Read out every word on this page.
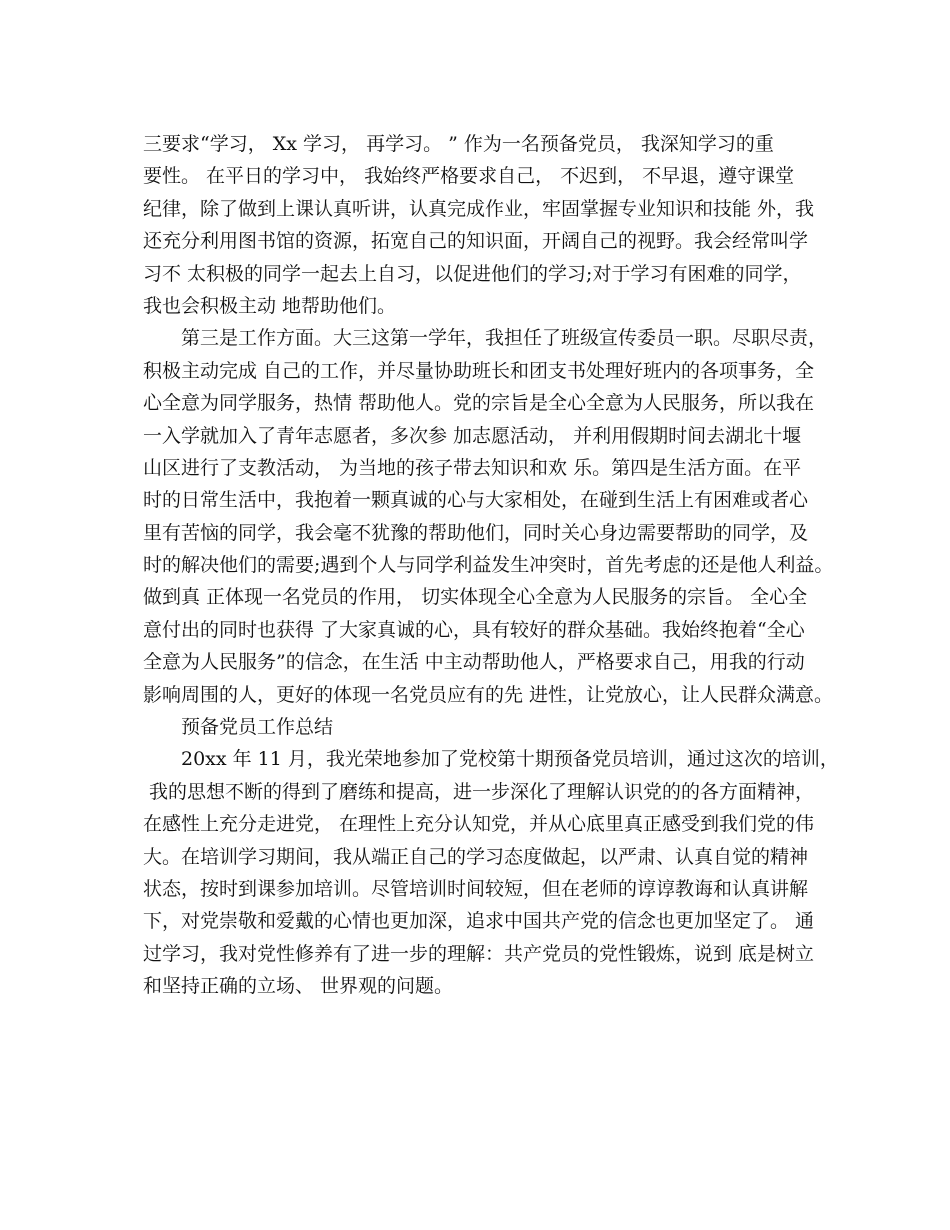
三要求“学习， Xx 学习， 再学习。 ” 作为一名预备党员， 我深知学习的重
要性。 在平日的学习中， 我始终严格要求自己， 不迟到， 不早退，遵守课堂
纪律，除了做到上课认真听讲，认真完成作业，牢固掌握专业知识和技能 外，我
还充分利用图书馆的资源，拓宽自己的知识面，开阔自己的视野。我会经常叫学
习不 太积极的同学一起去上自习，以促进他们的学习;对于学习有困难的同学，
我也会积极主动 地帮助他们。
　　第三是工作方面。大三这第一学年，我担任了班级宣传委员一职。尽职尽责，
积极主动完成 自己的工作，并尽量协助班长和团支书处理好班内的各项事务，全
心全意为同学服务，热情 帮助他人。党的宗旨是全心全意为人民服务，所以我在
一入学就加入了青年志愿者，多次参 加志愿活动， 并利用假期时间去湖北十堰
山区进行了支教活动， 为当地的孩子带去知识和欢 乐。第四是生活方面。在平
时的日常生活中，我抱着一颗真诚的心与大家相处，在碰到生活上有困难或者心
里有苦恼的同学，我会毫不犹豫的帮助他们，同时关心身边需要帮助的同学，及
时的解决他们的需要;遇到个人与同学利益发生冲突时，首先考虑的还是他人利益。
做到真 正体现一名党员的作用， 切实体现全心全意为人民服务的宗旨。 全心全
意付出的同时也获得 了大家真诚的心，具有较好的群众基础。我始终抱着“全心
全意为人民服务”的信念，在生活 中主动帮助他人，严格要求自己，用我的行动
影响周围的人，更好的体现一名党员应有的先 进性，让党放心，让人民群众满意。
　　预备党员工作总结
　　20xx 年 11 月，我光荣地参加了党校第十期预备党员培训，通过这次的培训，
我的思想不断的得到了磨练和提高，进一步深化了理解认识党的的各方面精神，
在感性上充分走进党， 在理性上充分认知党，并从心底里真正感受到我们党的伟
大。在培训学习期间，我从端正自己的学习态度做起，以严肃、认真自觉的精神
状态，按时到课参加培训。尽管培训时间较短，但在老师的谆谆教诲和认真讲解
下，对党崇敬和爱戴的心情也更加深，追求中国共产党的信念也更加坚定了。 通
过学习，我对党性修养有了进一步的理解：共产党员的党性锻炼，说到 底是树立
和坚持正确的立场、 世界观的问题。
